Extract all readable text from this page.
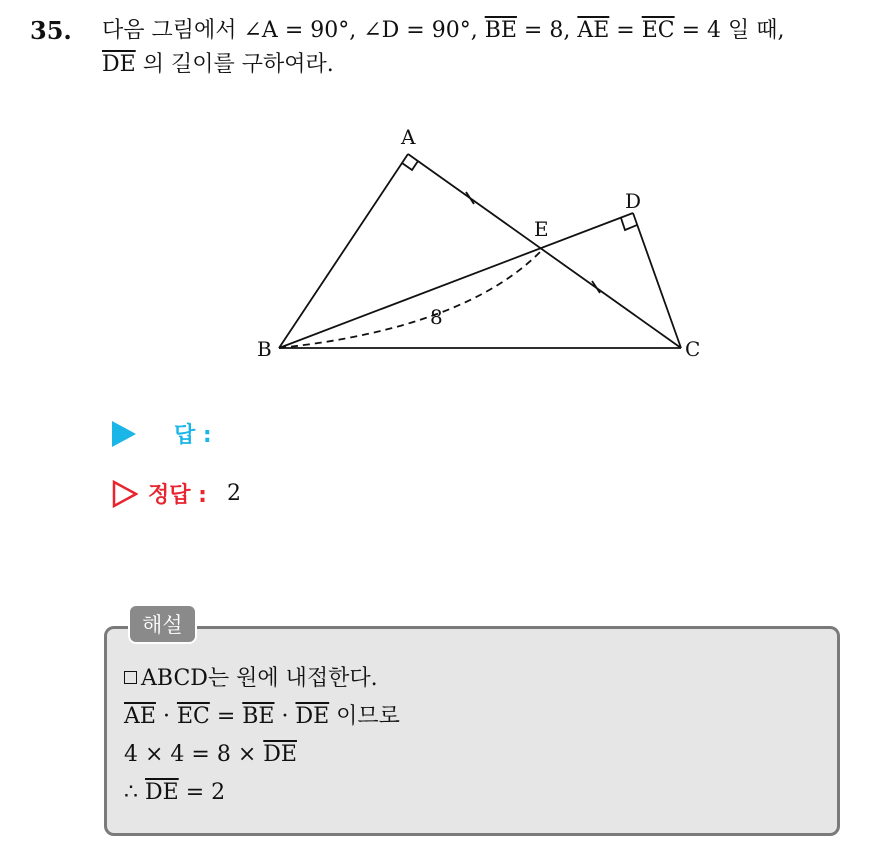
35. 다음 그림에서 ∠A = 90°, ∠D = 90°, $\overline{BE} = 8$, $\overline{AE} = \overline{EC} = 4$ 일 때,
$\overline{DE}$ 의 길이를 구하여라.
A
B	C
D
E
8
답 :
정답 : 2
해설
ABCD는 원에 내접한다.
$\overline{AE} \cdot \overline{EC} = \overline{BE} \cdot \overline{DE}$ 이므로
$4 \times 4 = 8 \times \overline{DE}$
∴ $\overline{DE} = 2$
